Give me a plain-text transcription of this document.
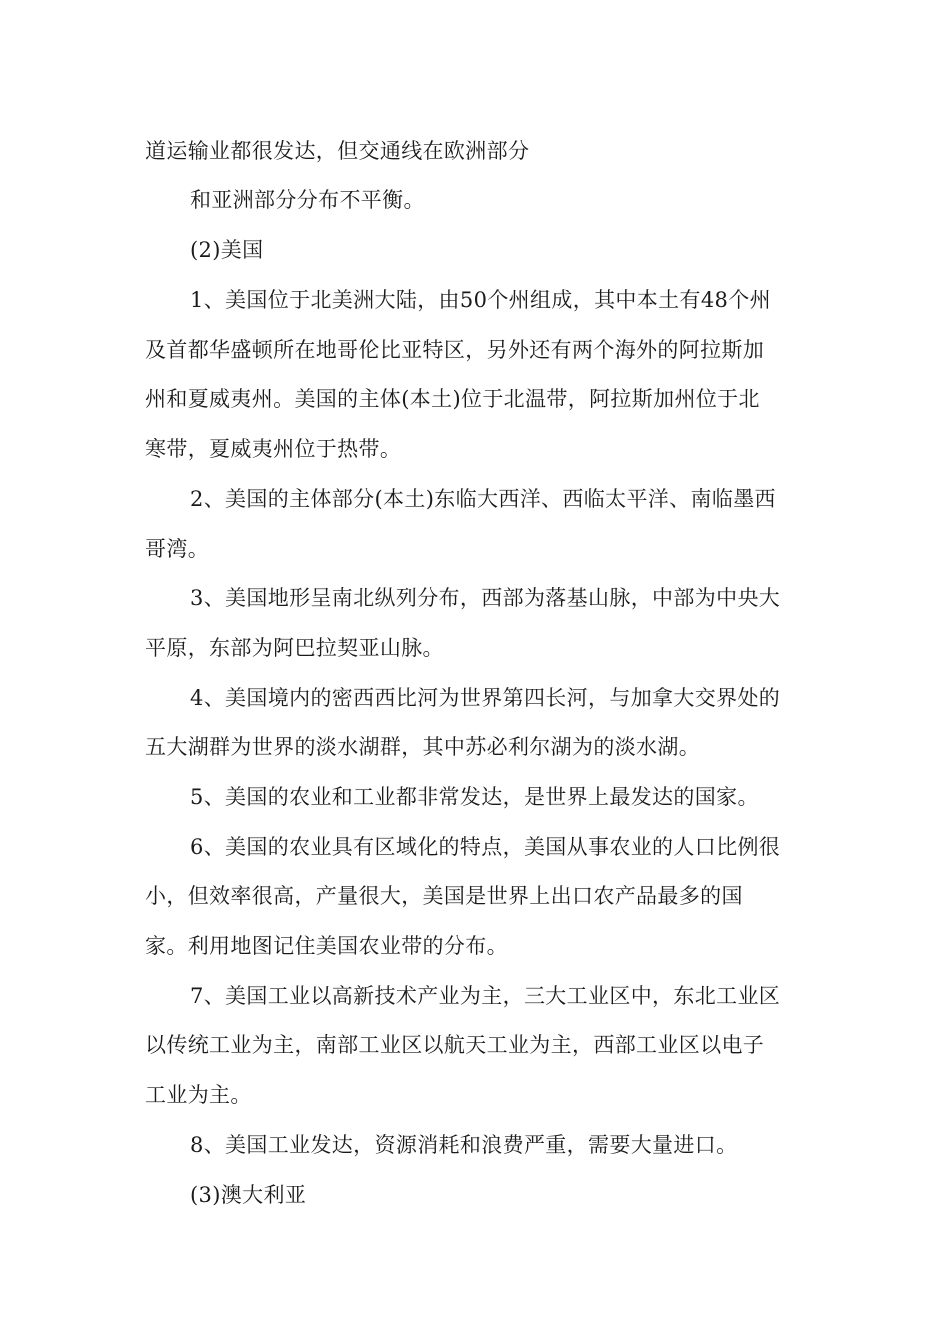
道运输业都很发达，但交通线在欧洲部分
和亚洲部分分布不平衡。
(2)美国
1、美国位于北美洲大陆，由50个州组成，其中本土有48个州
及首都华盛顿所在地哥伦比亚特区，另外还有两个海外的阿拉斯加
州和夏威夷州。美国的主体(本土)位于北温带，阿拉斯加州位于北
寒带，夏威夷州位于热带。
2、美国的主体部分(本土)东临大西洋、西临太平洋、南临墨西
哥湾。
3、美国地形呈南北纵列分布，西部为落基山脉，中部为中央大
平原，东部为阿巴拉契亚山脉。
4、美国境内的密西西比河为世界第四长河，与加拿大交界处的
五大湖群为世界的淡水湖群，其中苏必利尔湖为的淡水湖。
5、美国的农业和工业都非常发达，是世界上最发达的国家。
6、美国的农业具有区域化的特点，美国从事农业的人口比例很
小，但效率很高，产量很大，美国是世界上出口农产品最多的国
家。利用地图记住美国农业带的分布。
7、美国工业以高新技术产业为主，三大工业区中，东北工业区
以传统工业为主，南部工业区以航天工业为主，西部工业区以电子
工业为主。
8、美国工业发达，资源消耗和浪费严重，需要大量进口。
(3)澳大利亚
